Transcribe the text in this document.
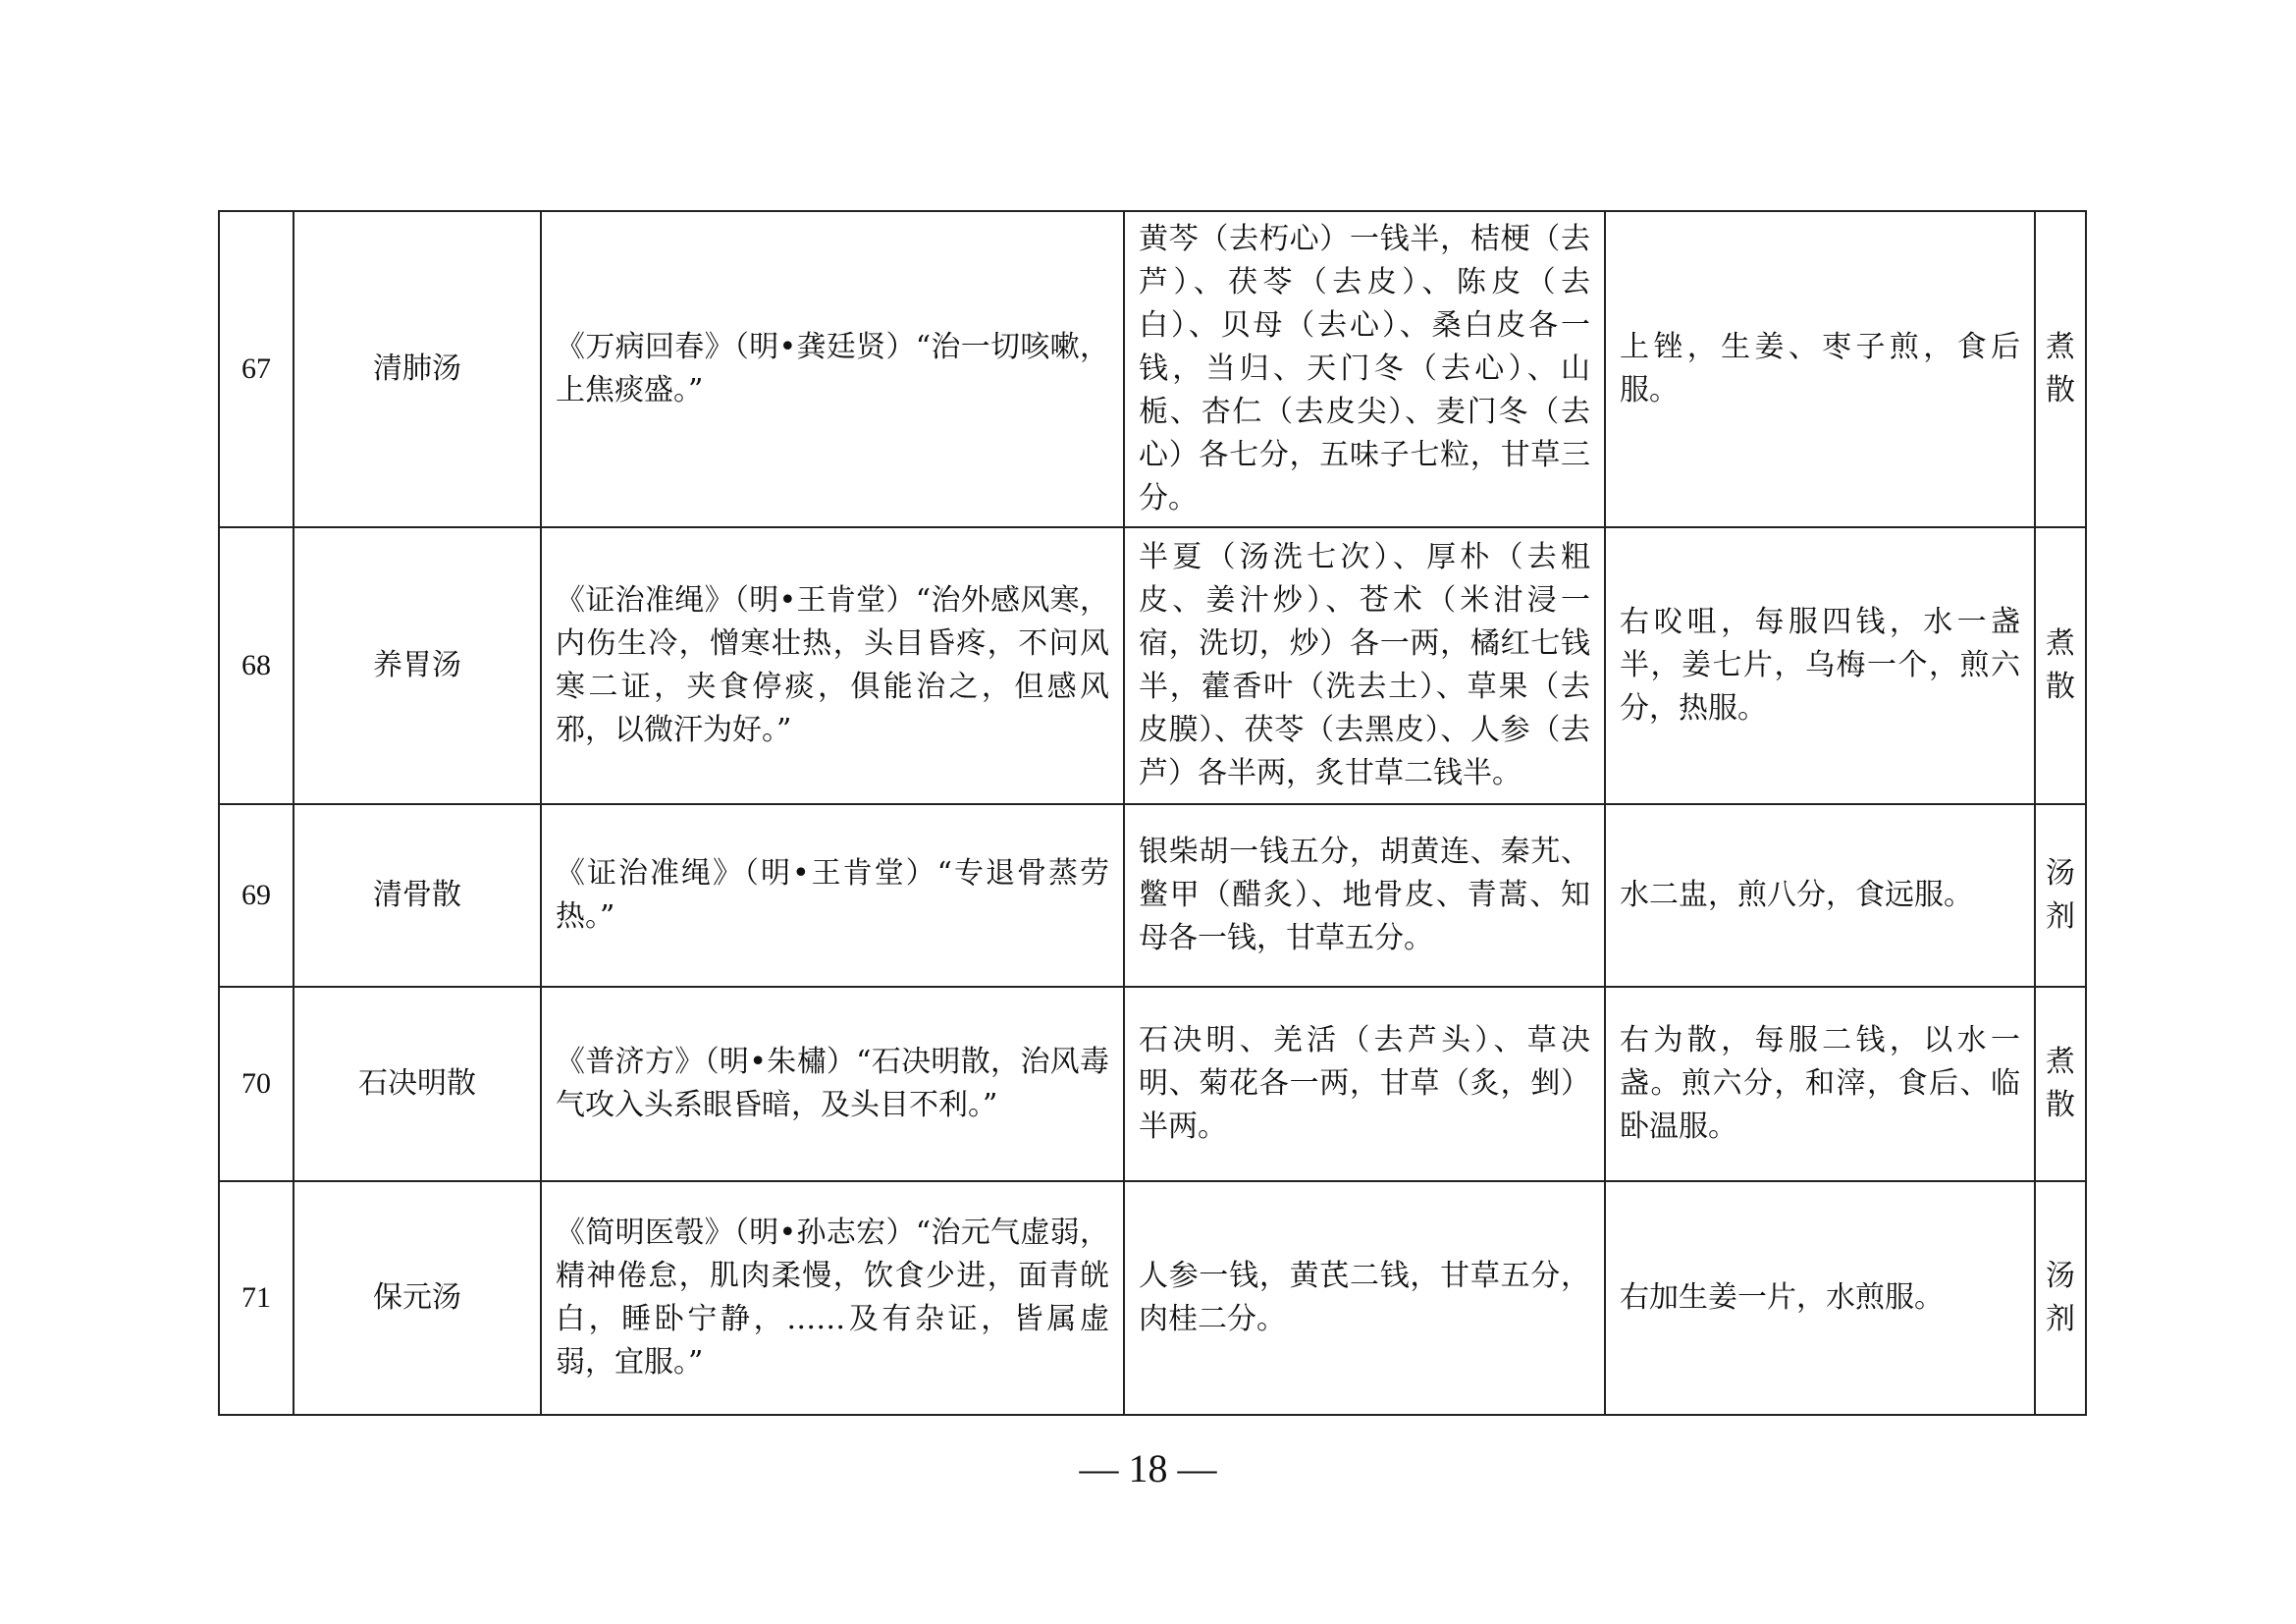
67	清肺汤	《万病回春》（明•龚廷贤）“治一切咳嗽，上焦痰盛。”	黄芩（去朽心）一钱半，桔梗（去芦）、茯苓（去皮）、陈皮（去白）、贝母（去心）、桑白皮各一钱，当归、天门冬（去心）、山栀、杏仁（去皮尖）、麦门冬（去心）各七分，五味子七粒，甘草三分。	上锉，生姜、枣子煎，食后服。	煮散

68	养胃汤	《证治准绳》（明•王肯堂）“治外感风寒，内伤生冷，憎寒壮热，头目昏疼，不问风寒二证，夹食停痰，俱能治之，但感风邪，以微汗为好。”	半夏（汤洗七次）、厚朴（去粗皮、姜汁炒）、苍术（米泔浸一宿，洗切，炒）各一两，橘红七钱半，藿香叶（洗去土）、草果（去皮膜）、茯苓（去黑皮）、人参（去芦）各半两，炙甘草二钱半。	右㕮咀，每服四钱，水一盏半，姜七片，乌梅一个，煎六分，热服。	煮散

69	清骨散	《证治准绳》（明•王肯堂）“专退骨蒸劳热。”	银柴胡一钱五分，胡黄连、秦艽、鳖甲（醋炙）、地骨皮、青蒿、知母各一钱，甘草五分。	水二盅，煎八分，食远服。	汤剂

70	石决明散	《普济方》（明•朱橚）“石决明散，治风毒气攻入头系眼昏暗，及头目不利。”	石决明、羌活（去芦头）、草决明、菊花各一两，甘草（炙，剉）半两。	右为散，每服二钱，以水一盏。煎六分，和滓，食后、临卧温服。	煮散

71	保元汤	《简明医彀》（明•孙志宏）“治元气虚弱，精神倦怠，肌肉柔慢，饮食少进，面青㿠白，睡卧宁静，……及有杂证，皆属虚弱，宜服。”	人参一钱，黄芪二钱，甘草五分，肉桂二分。	右加生姜一片，水煎服。	汤剂
— 18 —
